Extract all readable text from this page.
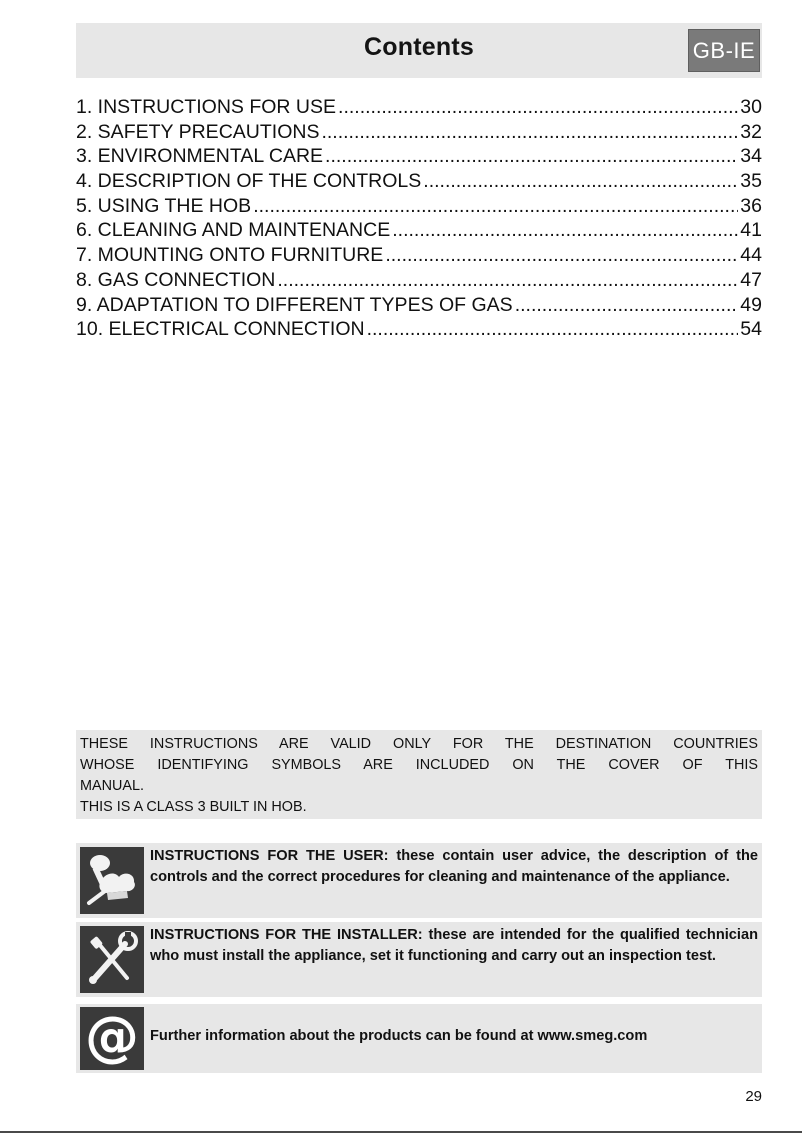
Contents	GB-IE
1. INSTRUCTIONS FOR USE .....	30
2. SAFETY PRECAUTIONS .....	32
3. ENVIRONMENTAL CARE .....	34
4. DESCRIPTION OF THE CONTROLS .....	35
5. USING THE HOB .....	36
6. CLEANING AND MAINTENANCE .....	41
7. MOUNTING ONTO FURNITURE .....	44
8. GAS CONNECTION .....	47
9. ADAPTATION TO DIFFERENT TYPES OF GAS .....	49
10. ELECTRICAL CONNECTION .....	54

THESE INSTRUCTIONS ARE VALID ONLY FOR THE DESTINATION COUNTRIES

WHOSE IDENTIFYING SYMBOLS ARE INCLUDED ON THE COVER OF THIS

MANUAL.

THIS IS A CLASS 3 BUILT IN HOB.

INSTRUCTIONS FOR THE USER: these contain user advice, the description of the controls and the correct procedures for cleaning and maintenance of the appliance.
INSTRUCTIONS FOR THE INSTALLER: these are intended for the qualified technician who must install the appliance, set it functioning and carry out an inspection test.
@ Further information about the products can be found at www.smeg.com
29
